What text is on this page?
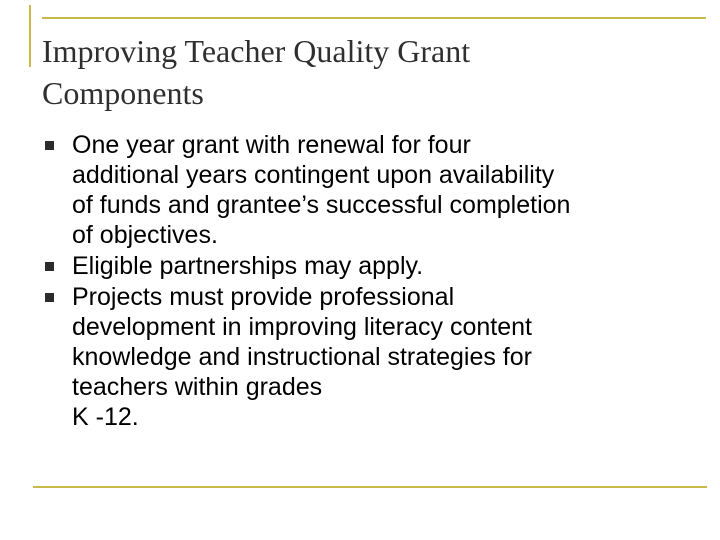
Improving Teacher Quality Grant
Components
One year grant with renewal for four
additional years contingent upon availability
of funds and grantee’s successful completion
of objectives.
Eligible partnerships may apply.
Projects must provide professional
development in improving literacy content
knowledge and instructional strategies for
teachers within grades
K -12.
